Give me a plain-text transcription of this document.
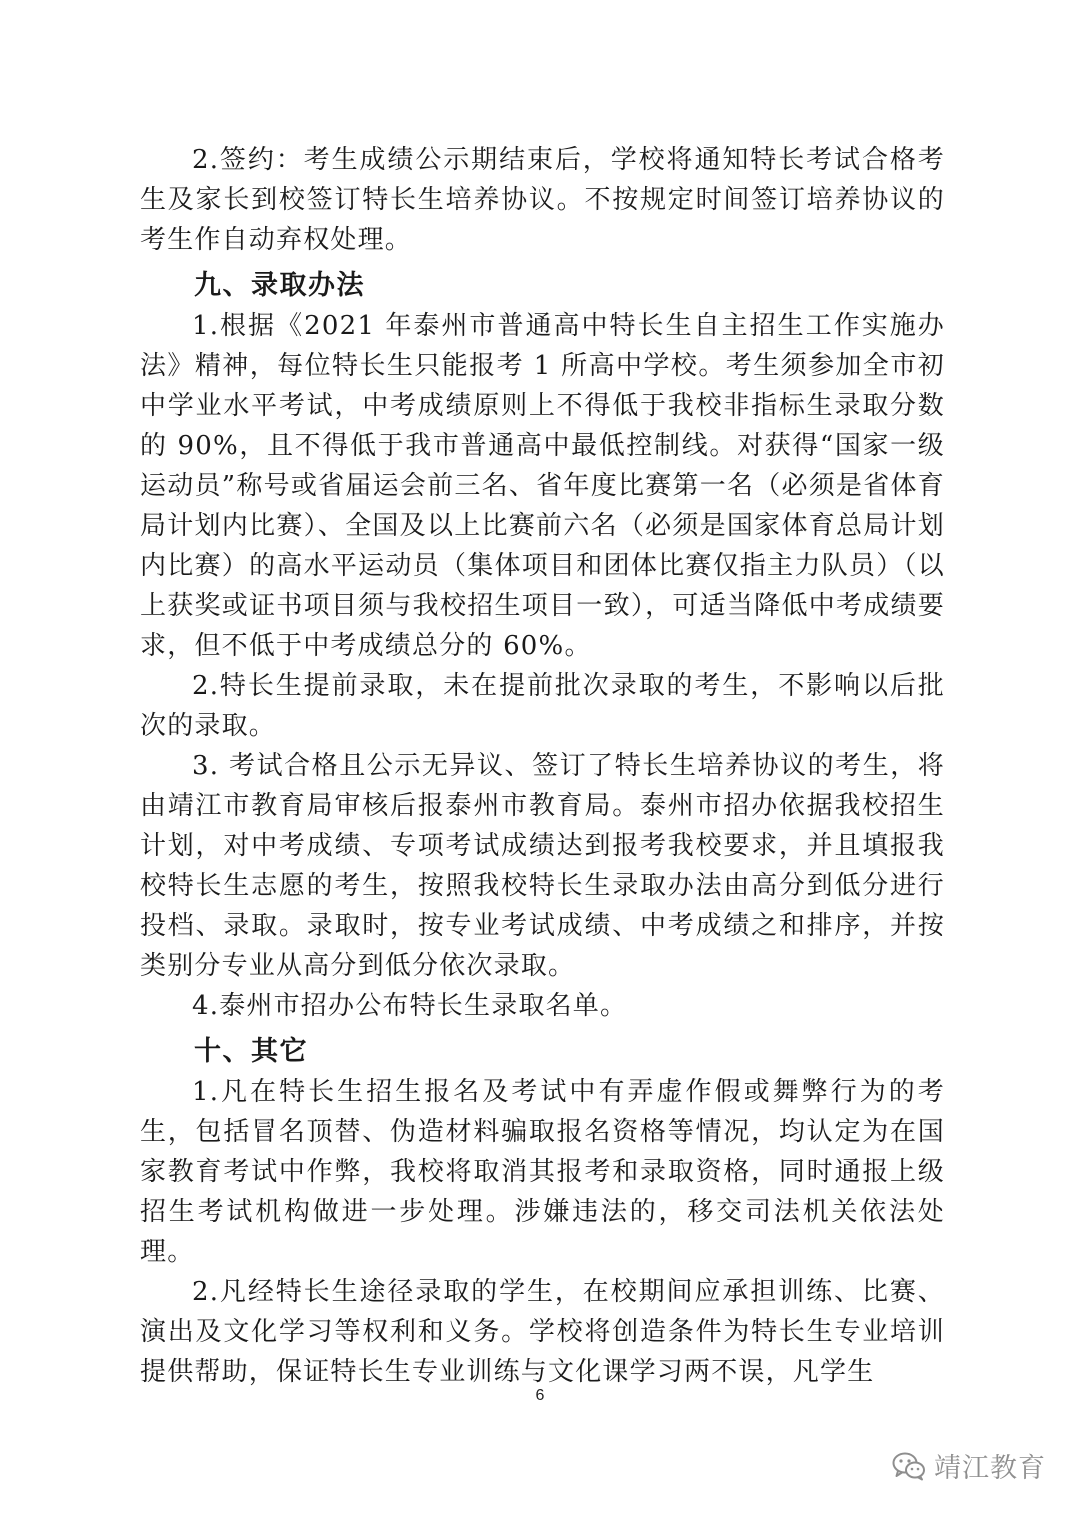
2.签约：考生成绩公示期结束后，学校将通知特长考试合格考生及家长到校签订特长生培养协议。不按规定时间签订培养协议的考生作自动弃权处理。

九、录取办法

1.根据《2021 年泰州市普通高中特长生自主招生工作实施办法》精神，每位特长生只能报考 1 所高中学校。考生须参加全市初中学业水平考试，中考成绩原则上不得低于我校非指标生录取分数的 90%，且不得低于我市普通高中最低控制线。对获得“国家一级运动员”称号或省届运会前三名、省年度比赛第一名（必须是省体育局计划内比赛）、全国及以上比赛前六名（必须是国家体育总局计划内比赛）的高水平运动员（集体项目和团体比赛仅指主力队员）（以上获奖或证书项目须与我校招生项目一致），可适当降低中考成绩要求，但不低于中考成绩总分的 60%。

2.特长生提前录取，未在提前批次录取的考生，不影响以后批次的录取。

3. 考试合格且公示无异议、签订了特长生培养协议的考生，将由靖江市教育局审核后报泰州市教育局。泰州市招办依据我校招生计划，对中考成绩、专项考试成绩达到报考我校要求，并且填报我校特长生志愿的考生，按照我校特长生录取办法由高分到低分进行投档、录取。录取时，按专业考试成绩、中考成绩之和排序，并按类别分专业从高分到低分依次录取。

4.泰州市招办公布特长生录取名单。

十、其它

1.凡在特长生招生报名及考试中有弄虚作假或舞弊行为的考生，包括冒名顶替、伪造材料骗取报名资格等情况，均认定为在国家教育考试中作弊，我校将取消其报考和录取资格，同时通报上级招生考试机构做进一步处理。涉嫌违法的，移交司法机关依法处理。

2.凡经特长生途径录取的学生，在校期间应承担训练、比赛、演出及文化学习等权利和义务。学校将创造条件为特长生专业培训提供帮助，保证特长生专业训练与文化课学习两不误，凡学生

6
靖江教育
